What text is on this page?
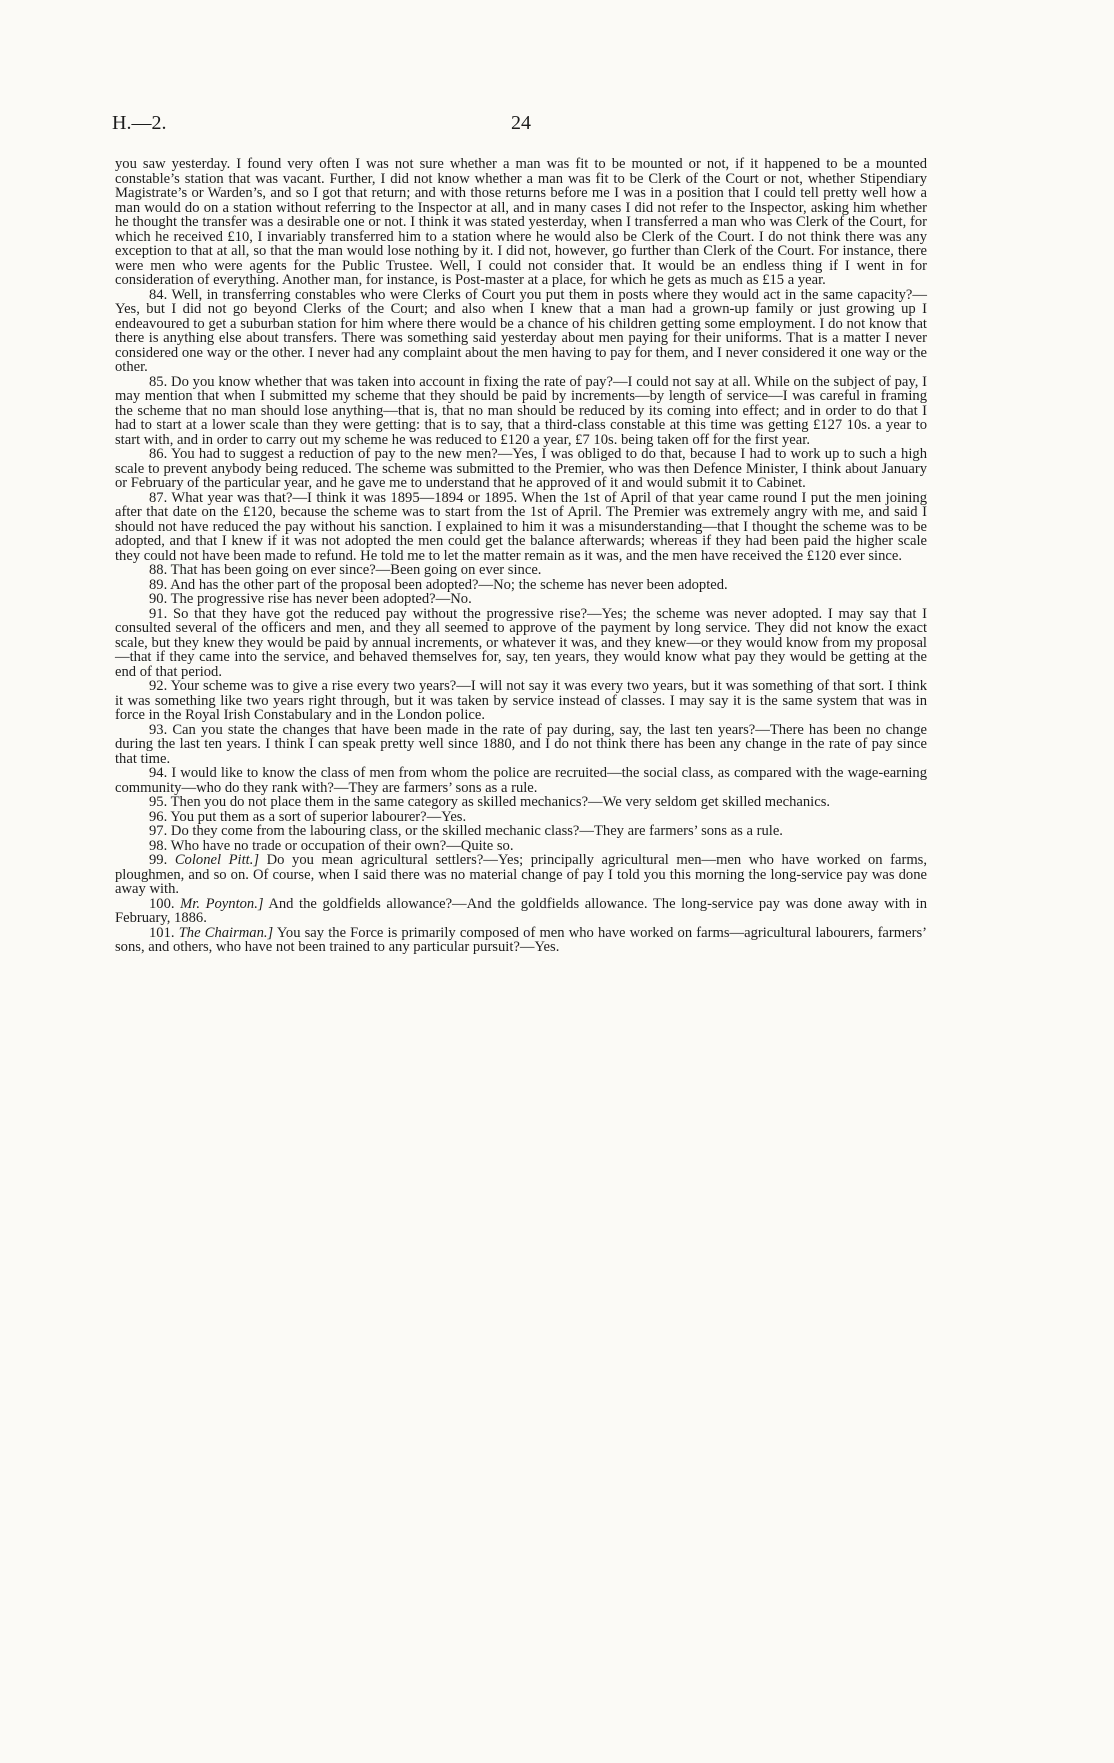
H.—2.	24

you saw yesterday. I found very often I was not sure whether a man was fit to be mounted or not, if it happened to be a mounted constable’s station that was vacant. Further, I did not know whether a man was fit to be Clerk of the Court or not, whether Stipendiary Magistrate’s or Warden’s, and so I got that return; and with those returns before me I was in a position that I could tell pretty well how a man would do on a station without referring to the Inspector at all, and in many cases I did not refer to the Inspector, asking him whether he thought the transfer was a desirable one or not. I think it was stated yesterday, when I transferred a man who was Clerk of the Court, for which he received £10, I invariably transferred him to a station where he would also be Clerk of the Court. I do not think there was any exception to that at all, so that the man would lose nothing by it. I did not, however, go further than Clerk of the Court. For instance, there were men who were agents for the Public Trustee. Well, I could not consider that. It would be an endless thing if I went in for consideration of everything. Another man, for instance, is Post-master at a place, for which he gets as much as £15 a year.

84. Well, in transferring constables who were Clerks of Court you put them in posts where they would act in the same capacity?—Yes, but I did not go beyond Clerks of the Court; and also when I knew that a man had a grown-up family or just growing up I endeavoured to get a suburban station for him where there would be a chance of his children getting some employment. I do not know that there is anything else about transfers. There was something said yesterday about men paying for their uniforms. That is a matter I never considered one way or the other. I never had any complaint about the men having to pay for them, and I never considered it one way or the other.

85. Do you know whether that was taken into account in fixing the rate of pay?—I could not say at all. While on the subject of pay, I may mention that when I submitted my scheme that they should be paid by increments—by length of service—I was careful in framing the scheme that no man should lose anything—that is, that no man should be reduced by its coming into effect; and in order to do that I had to start at a lower scale than they were getting: that is to say, that a third-class constable at this time was getting £127 10s. a year to start with, and in order to carry out my scheme he was reduced to £120 a year, £7 10s. being taken off for the first year.

86. You had to suggest a reduction of pay to the new men?—Yes, I was obliged to do that, because I had to work up to such a high scale to prevent anybody being reduced. The scheme was submitted to the Premier, who was then Defence Minister, I think about January or February of the particular year, and he gave me to understand that he approved of it and would submit it to Cabinet.

87. What year was that?—I think it was 1895—1894 or 1895. When the 1st of April of that year came round I put the men joining after that date on the £120, because the scheme was to start from the 1st of April. The Premier was extremely angry with me, and said I should not have reduced the pay without his sanction. I explained to him it was a misunderstanding—that I thought the scheme was to be adopted, and that I knew if it was not adopted the men could get the balance afterwards; whereas if they had been paid the higher scale they could not have been made to refund. He told me to let the matter remain as it was, and the men have received the £120 ever since.

88. That has been going on ever since?—Been going on ever since.

89. And has the other part of the proposal been adopted?—No; the scheme has never been adopted.

90. The progressive rise has never been adopted?—No.

91. So that they have got the reduced pay without the progressive rise?—Yes; the scheme was never adopted. I may say that I consulted several of the officers and men, and they all seemed to approve of the payment by long service. They did not know the exact scale, but they knew they would be paid by annual increments, or whatever it was, and they knew—or they would know from my proposal—that if they came into the service, and behaved themselves for, say, ten years, they would know what pay they would be getting at the end of that period.

92. Your scheme was to give a rise every two years?—I will not say it was every two years, but it was something of that sort. I think it was something like two years right through, but it was taken by service instead of classes. I may say it is the same system that was in force in the Royal Irish Constabulary and in the London police.

93. Can you state the changes that have been made in the rate of pay during, say, the last ten years?—There has been no change during the last ten years. I think I can speak pretty well since 1880, and I do not think there has been any change in the rate of pay since that time.

94. I would like to know the class of men from whom the police are recruited—the social class, as compared with the wage-earning community—who do they rank with?—They are farmers’ sons as a rule.

95. Then you do not place them in the same category as skilled mechanics?—We very seldom get skilled mechanics.

96. You put them as a sort of superior labourer?—Yes.

97. Do they come from the labouring class, or the skilled mechanic class?—They are farmers’ sons as a rule.

98. Who have no trade or occupation of their own?—Quite so.

99. Colonel Pitt.] Do you mean agricultural settlers?—Yes; principally agricultural men—men who have worked on farms, ploughmen, and so on. Of course, when I said there was no material change of pay I told you this morning the long-service pay was done away with.

100. Mr. Poynton.] And the goldfields allowance?—And the goldfields allowance. The long-service pay was done away with in February, 1886.

101. The Chairman.] You say the Force is primarily composed of men who have worked on farms—agricultural labourers, farmers’ sons, and others, who have not been trained to any particular pursuit?—Yes.
